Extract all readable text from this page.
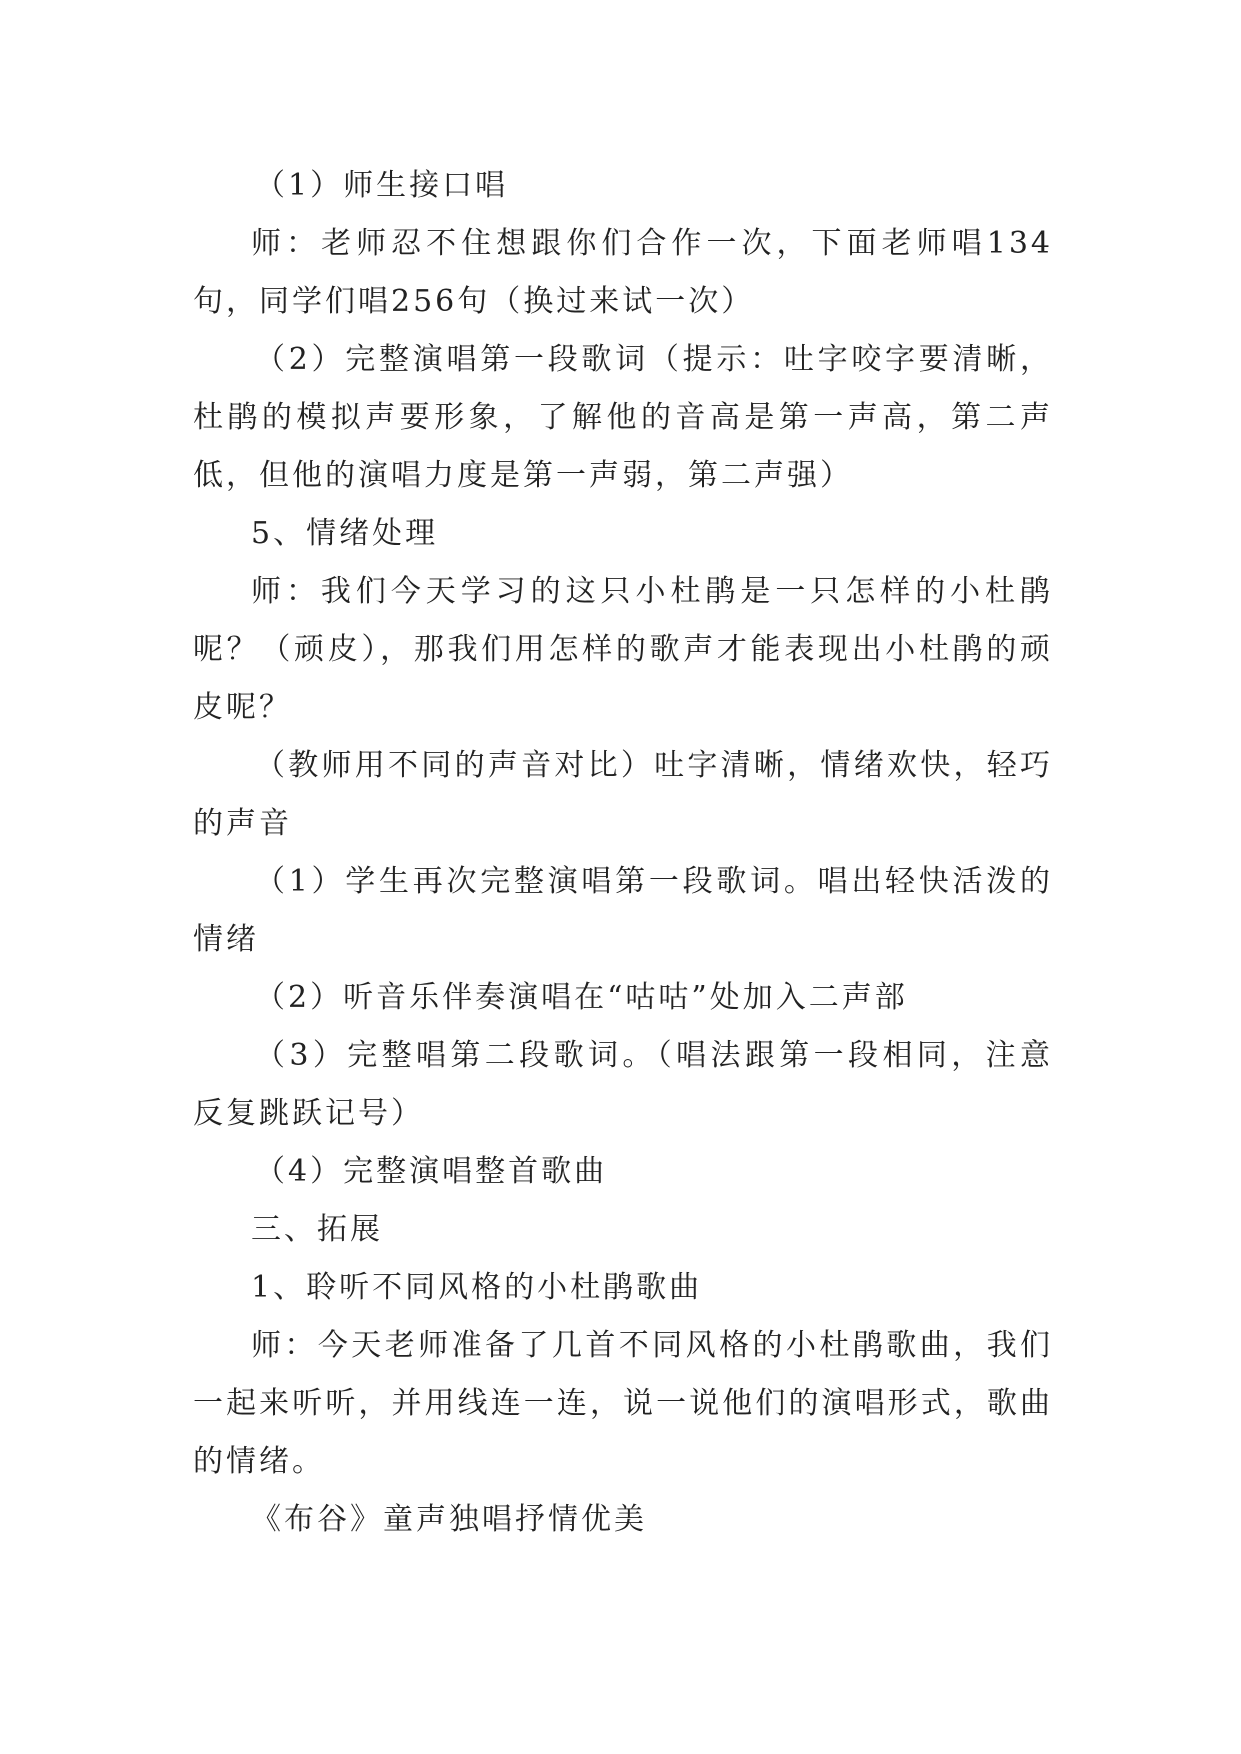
（1）师生接口唱

师：老师忍不住想跟你们合作一次，下面老师唱134句，同学们唱256句（换过来试一次）

（2）完整演唱第一段歌词（提示：吐字咬字要清晰，杜鹃的模拟声要形象，了解他的音高是第一声高，第二声低，但他的演唱力度是第一声弱，第二声强）

5、情绪处理

师：我们今天学习的这只小杜鹃是一只怎样的小杜鹃呢？（顽皮），那我们用怎样的歌声才能表现出小杜鹃的顽皮呢？

（教师用不同的声音对比）吐字清晰，情绪欢快，轻巧的声音

（1）学生再次完整演唱第一段歌词。唱出轻快活泼的情绪

（2）听音乐伴奏演唱在“咕咕”处加入二声部

（3）完整唱第二段歌词。（唱法跟第一段相同，注意反复跳跃记号）

（4）完整演唱整首歌曲

三、拓展

1、聆听不同风格的小杜鹃歌曲

师：今天老师准备了几首不同风格的小杜鹃歌曲，我们一起来听听，并用线连一连，说一说他们的演唱形式，歌曲的情绪。

《布谷》童声独唱抒情优美
